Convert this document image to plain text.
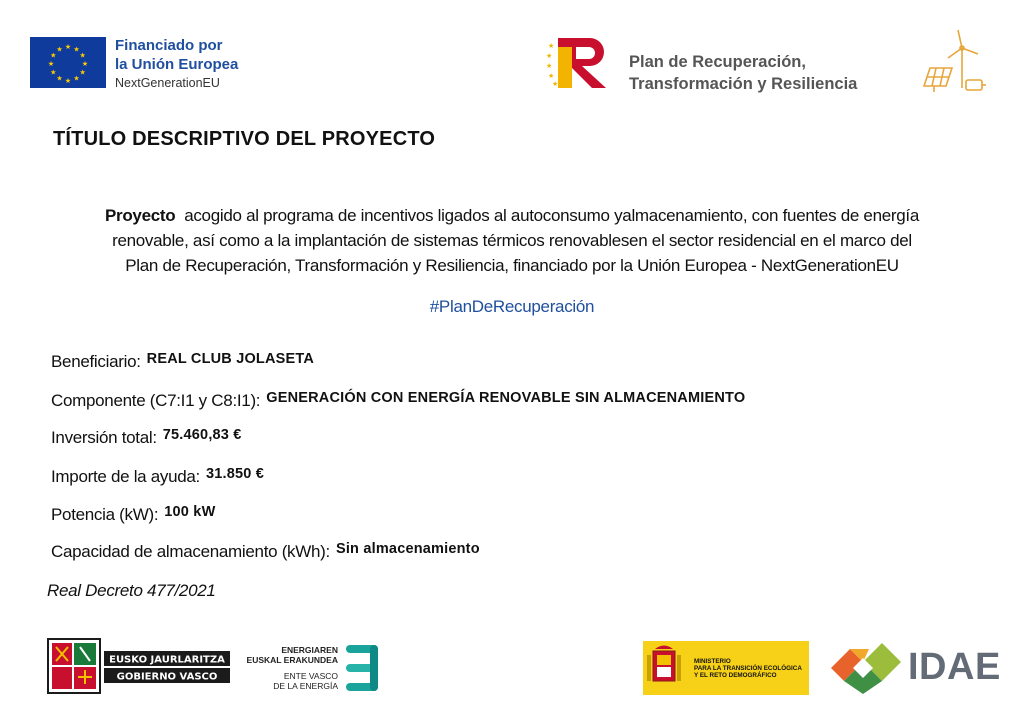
★ ★
★
★
★
★
★
★
★
★
★
★	Financiado por
la Unión Europea
NextGenerationEU
★
★
★
★
★
Plan de Recuperación,
Transformación y Resiliencia
TÍTULO DESCRIPTIVO DEL PROYECTO
Proyecto acogido al programa de incentivos ligados al autoconsumo yalmacenamiento, con fuentes de energía
renovable, así como a la implantación de sistemas térmicos renovablesen el sector residencial en el marco del
Plan de Recuperación, Transformación y Resiliencia, financiado por la Unión Europea - NextGenerationEU
#PlanDeRecuperación
Beneficiario: REAL CLUB JOLASETA
Componente (C7:I1 y C8:I1): GENERACIÓN CON ENERGÍA RENOVABLE SIN ALMACENAMIENTO
Inversión total: 75.460,83 €
Importe de la ayuda: 31.850 €
Potencia (kW): 100 kW
Capacidad de almacenamiento (kWh): Sin almacenamiento
Real Decreto 477/2021
EUSKO JAURLARITZA
GOBIERNO VASCO
ENERGIAREN
EUSKAL ERAKUNDEA
ENTE VASCO
DE LA ENERGÍA
MINISTERIO
PARA LA TRANSICIÓN ECOLÓGICA
Y EL RETO DEMOGRÁFICO	IDAE
